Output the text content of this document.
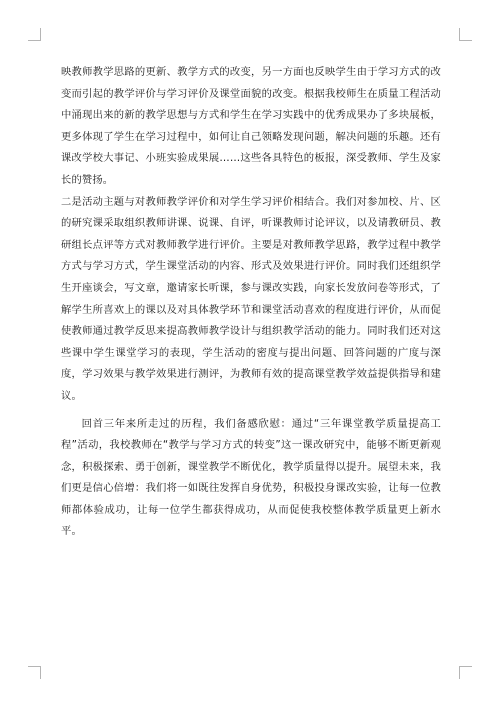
映教师教学思路的更新、教学方式的改变，另一方面也反映学生由于学习方式的改变而引起的教学评价与学习评价及课堂面貌的改变。根据我校师生在质量工程活动中涌现出来的新的教学思想与方式和学生在学习实践中的优秀成果办了多块展板，更多体现了学生在学习过程中，如何让自己领略发现问题，解决问题的乐趣。还有课改学校大事记、小班实验成果展……这些各具特色的板报，深受教师、学生及家长的赞扬。

二是活动主题与对教师教学评价和对学生学习评价相结合。我们对参加校、片、区的研究课采取组织教师讲课、说课、自评，听课教师讨论评议，以及请教研员、教研组长点评等方式对教师教学进行评价。主要是对教师教学思路，教学过程中教学方式与学习方式，学生课堂活动的内容、形式及效果进行评价。同时我们还组织学生开座谈会，写文章，邀请家长听课，参与课改实践，向家长发放问卷等形式，了解学生所喜欢上的课以及对具体教学环节和课堂活动喜欢的程度进行评价，从而促使教师通过教学反思来提高教师教学设计与组织教学活动的能力。同时我们还对这些课中学生课堂学习的表现，学生活动的密度与提出问题、回答问题的广度与深度，学习效果与教学效果进行测评，为教师有效的提高课堂教学效益提供指导和建议。

回首三年来所走过的历程，我们备感欣慰：通过“三年课堂教学质量提高工程”活动，我校教师在“教学与学习方式的转变”这一课改研究中，能够不断更新观念，积极探索、勇于创新，课堂教学不断优化，教学质量得以提升。展望未来，我们更是信心倍增：我们将一如既往发挥自身优势，积极投身课改实验，让每一位教师都体验成功，让每一位学生都获得成功，从而促使我校整体教学质量更上新水平。
